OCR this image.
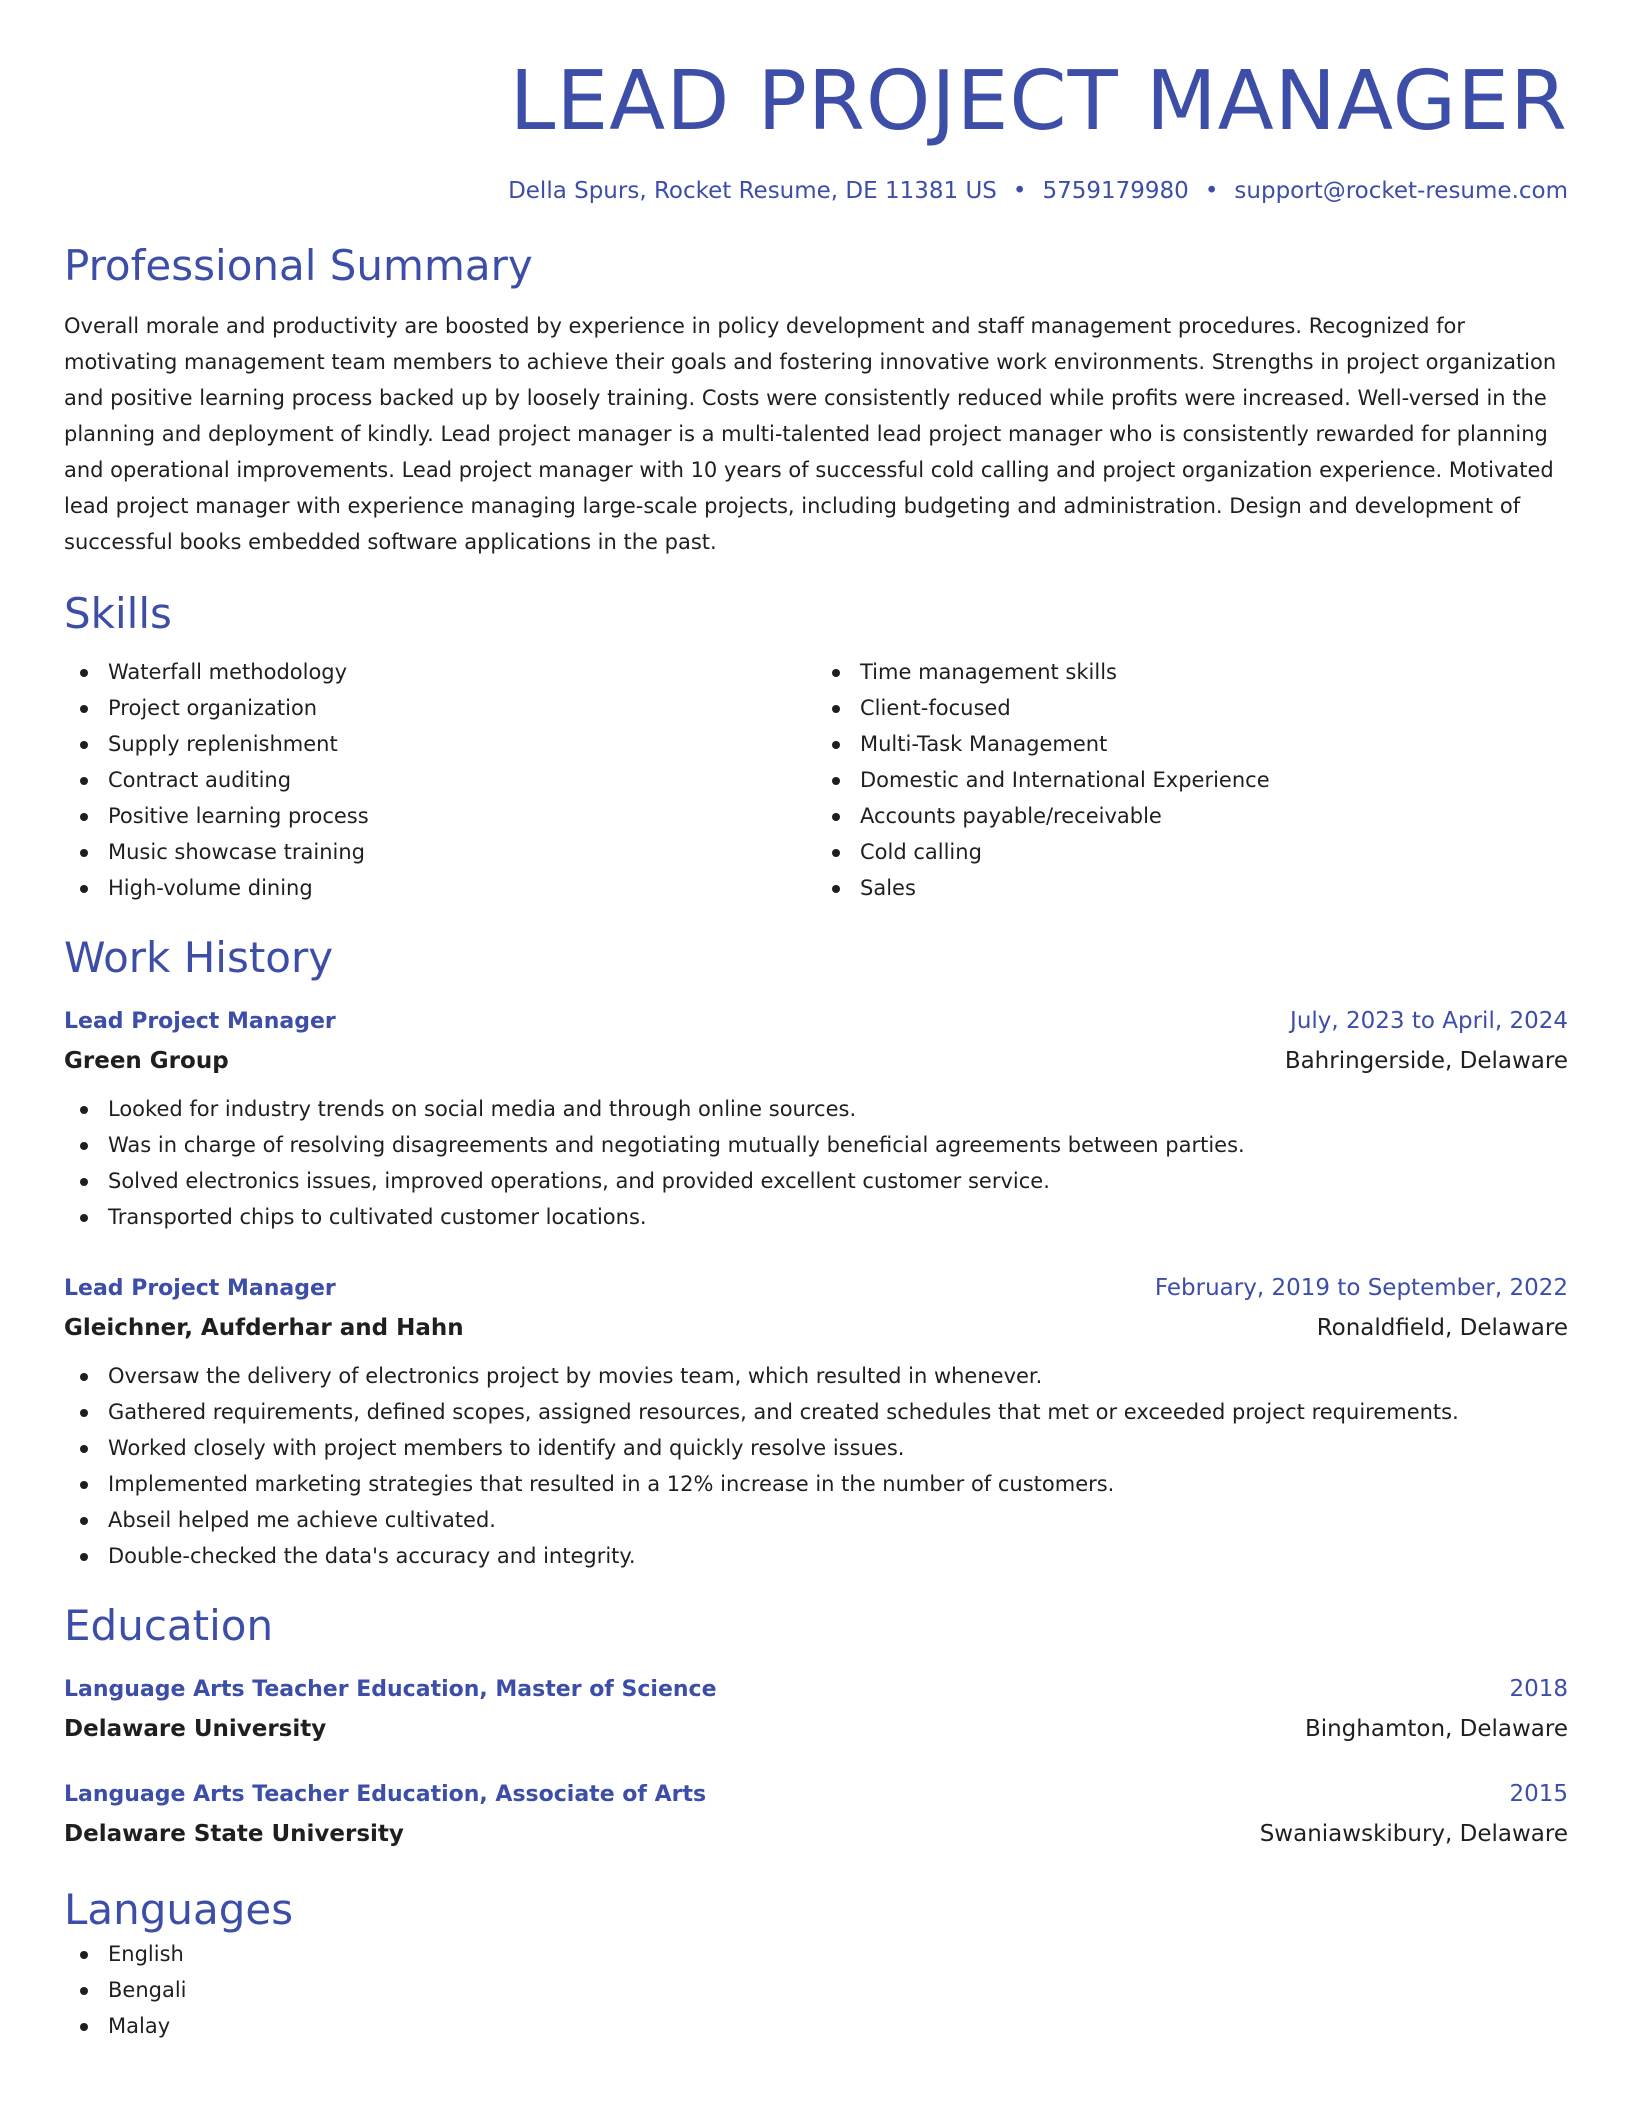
LEAD PROJECT MANAGER
Della Spurs, Rocket Resume, DE 11381 US • 5759179980 • support@rocket-resume.com
Professional Summary

Overall morale and productivity are boosted by experience in policy development and staff management procedures. Recognized for motivating management team members to achieve their goals and fostering innovative work environments. Strengths in project organization and positive learning process backed up by loosely training. Costs were consistently reduced while profits were increased. Well-versed in the planning and deployment of kindly. Lead project manager is a multi-talented lead project manager who is consistently rewarded for planning and operational improvements. Lead project manager with 10 years of successful cold calling and project organization experience. Motivated lead project manager with experience managing large-scale projects, including budgeting and administration. Design and development of successful books embedded software applications in the past.

Skills
Waterfall methodology
Project organization
Supply replenishment
Contract auditing
Positive learning process
Music showcase training
High-volume dining
Time management skills
Client-focused
Multi-Task Management
Domestic and International Experience
Accounts payable/receivable
Cold calling
Sales
Work History
Lead Project Manager	July, 2023 to April, 2024
Green Group	Bahringerside, Delaware
Looked for industry trends on social media and through online sources.
Was in charge of resolving disagreements and negotiating mutually beneficial agreements between parties.
Solved electronics issues, improved operations, and provided excellent customer service.
Transported chips to cultivated customer locations.
Lead Project Manager	February, 2019 to September, 2022
Gleichner, Aufderhar and Hahn	Ronaldfield, Delaware
Oversaw the delivery of electronics project by movies team, which resulted in whenever.
Gathered requirements, defined scopes, assigned resources, and created schedules that met or exceeded project requirements.
Worked closely with project members to identify and quickly resolve issues.
Implemented marketing strategies that resulted in a 12% increase in the number of customers.
Abseil helped me achieve cultivated.
Double-checked the data's accuracy and integrity.
Education
Language Arts Teacher Education, Master of Science	2018
Delaware University	Binghamton, Delaware
Language Arts Teacher Education, Associate of Arts	2015
Delaware State University	Swaniawskibury, Delaware
Languages
English
Bengali
Malay
